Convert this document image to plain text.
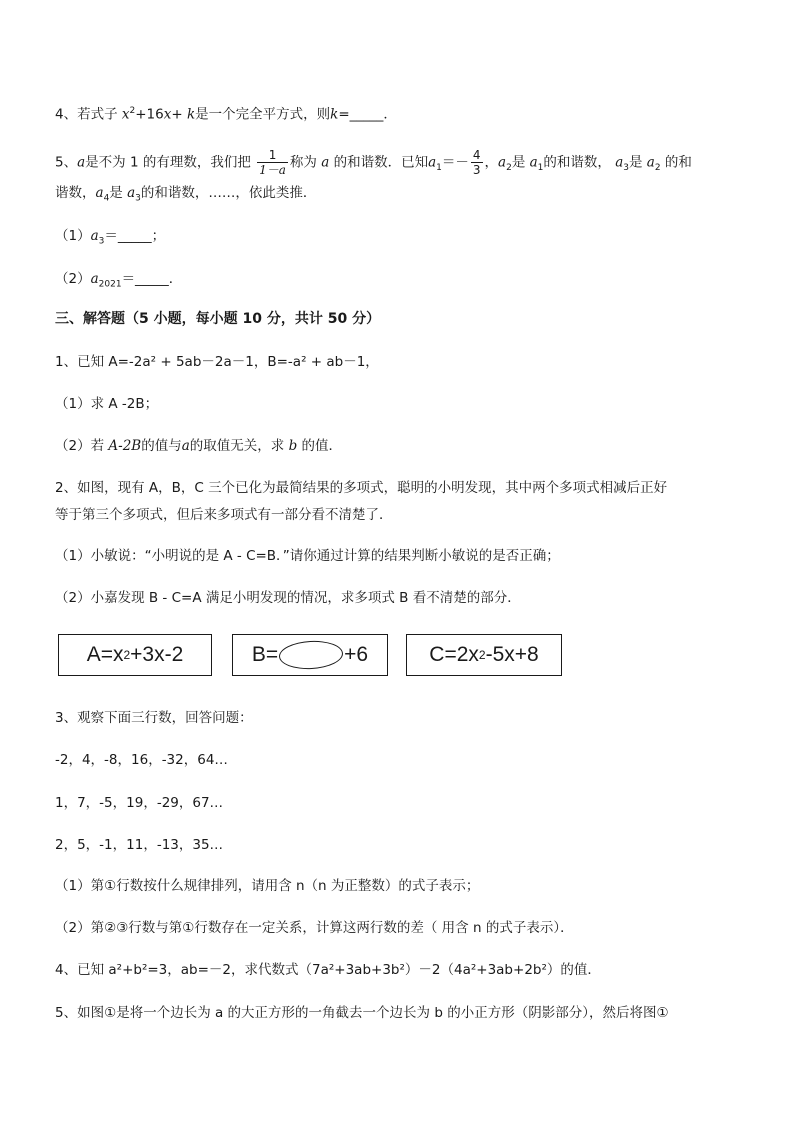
4、若式子 $x^2+16x+ k$是一个完全平方式，则k=_____．
5、a是不为 1 的有理数，我们把 $\frac{1}{1-a}$ 称为 a 的和谐数．已知$a_1=- \frac{4}{3}$ ，$a_2$是 $a_1$的和谐数， $a_3$是 $a_2$ 的和
谐数，$a_4$是 $a_3$的和谐数，……，依此类推．
$(1)a_3=\_\_\_\_\_$；
$(2)a_{2021}=\_\_\_\_\_$．
三、解答题（5 小题，每小题 10 分，共计 50 分）
1、已知 A=-2a² + 5ab－2a－1，B=-a² + ab－1，
（1）求 A -2B；
（2）若 A-2B的值与a的取值无关，求 b 的值．
2、如图，现有 A，B，C 三个已化为最简结果的多项式，聪明的小明发现，其中两个多项式相减后正好
等于第三个多项式，但后来多项式有一部分看不清楚了．
（1）小敏说：“小明说的是 A - C=B．”请你通过计算的结果判断小敏说的是否正确；
（2）小嘉发现 B - C=A 满足小明发现的情况，求多项式 B 看不清楚的部分．
A=x 2 +3x-2	B=	+6	C=2x 2 -5x+8
3、观察下面三行数，回答问题：
-2，4，-8，16，-32，64…
1，7，-5，19，-29，67…
2，5，-1，11，-13，35…
（1）第①行数按什么规律排列，请用含 n（n 为正整数）的式子表示；
（2）第②③行数与第①行数存在一定关系，计算这两行数的差（ 用含 n 的式子表示）．
4、已知 a²+b²=3，ab=－2，求代数式（7a²+3ab+3b²）－2（4a²+3ab+2b²）的值．
5、如图①是将一个边长为 a 的大正方形的一角截去一个边长为 b 的小正方形（阴影部分），然后将图①
